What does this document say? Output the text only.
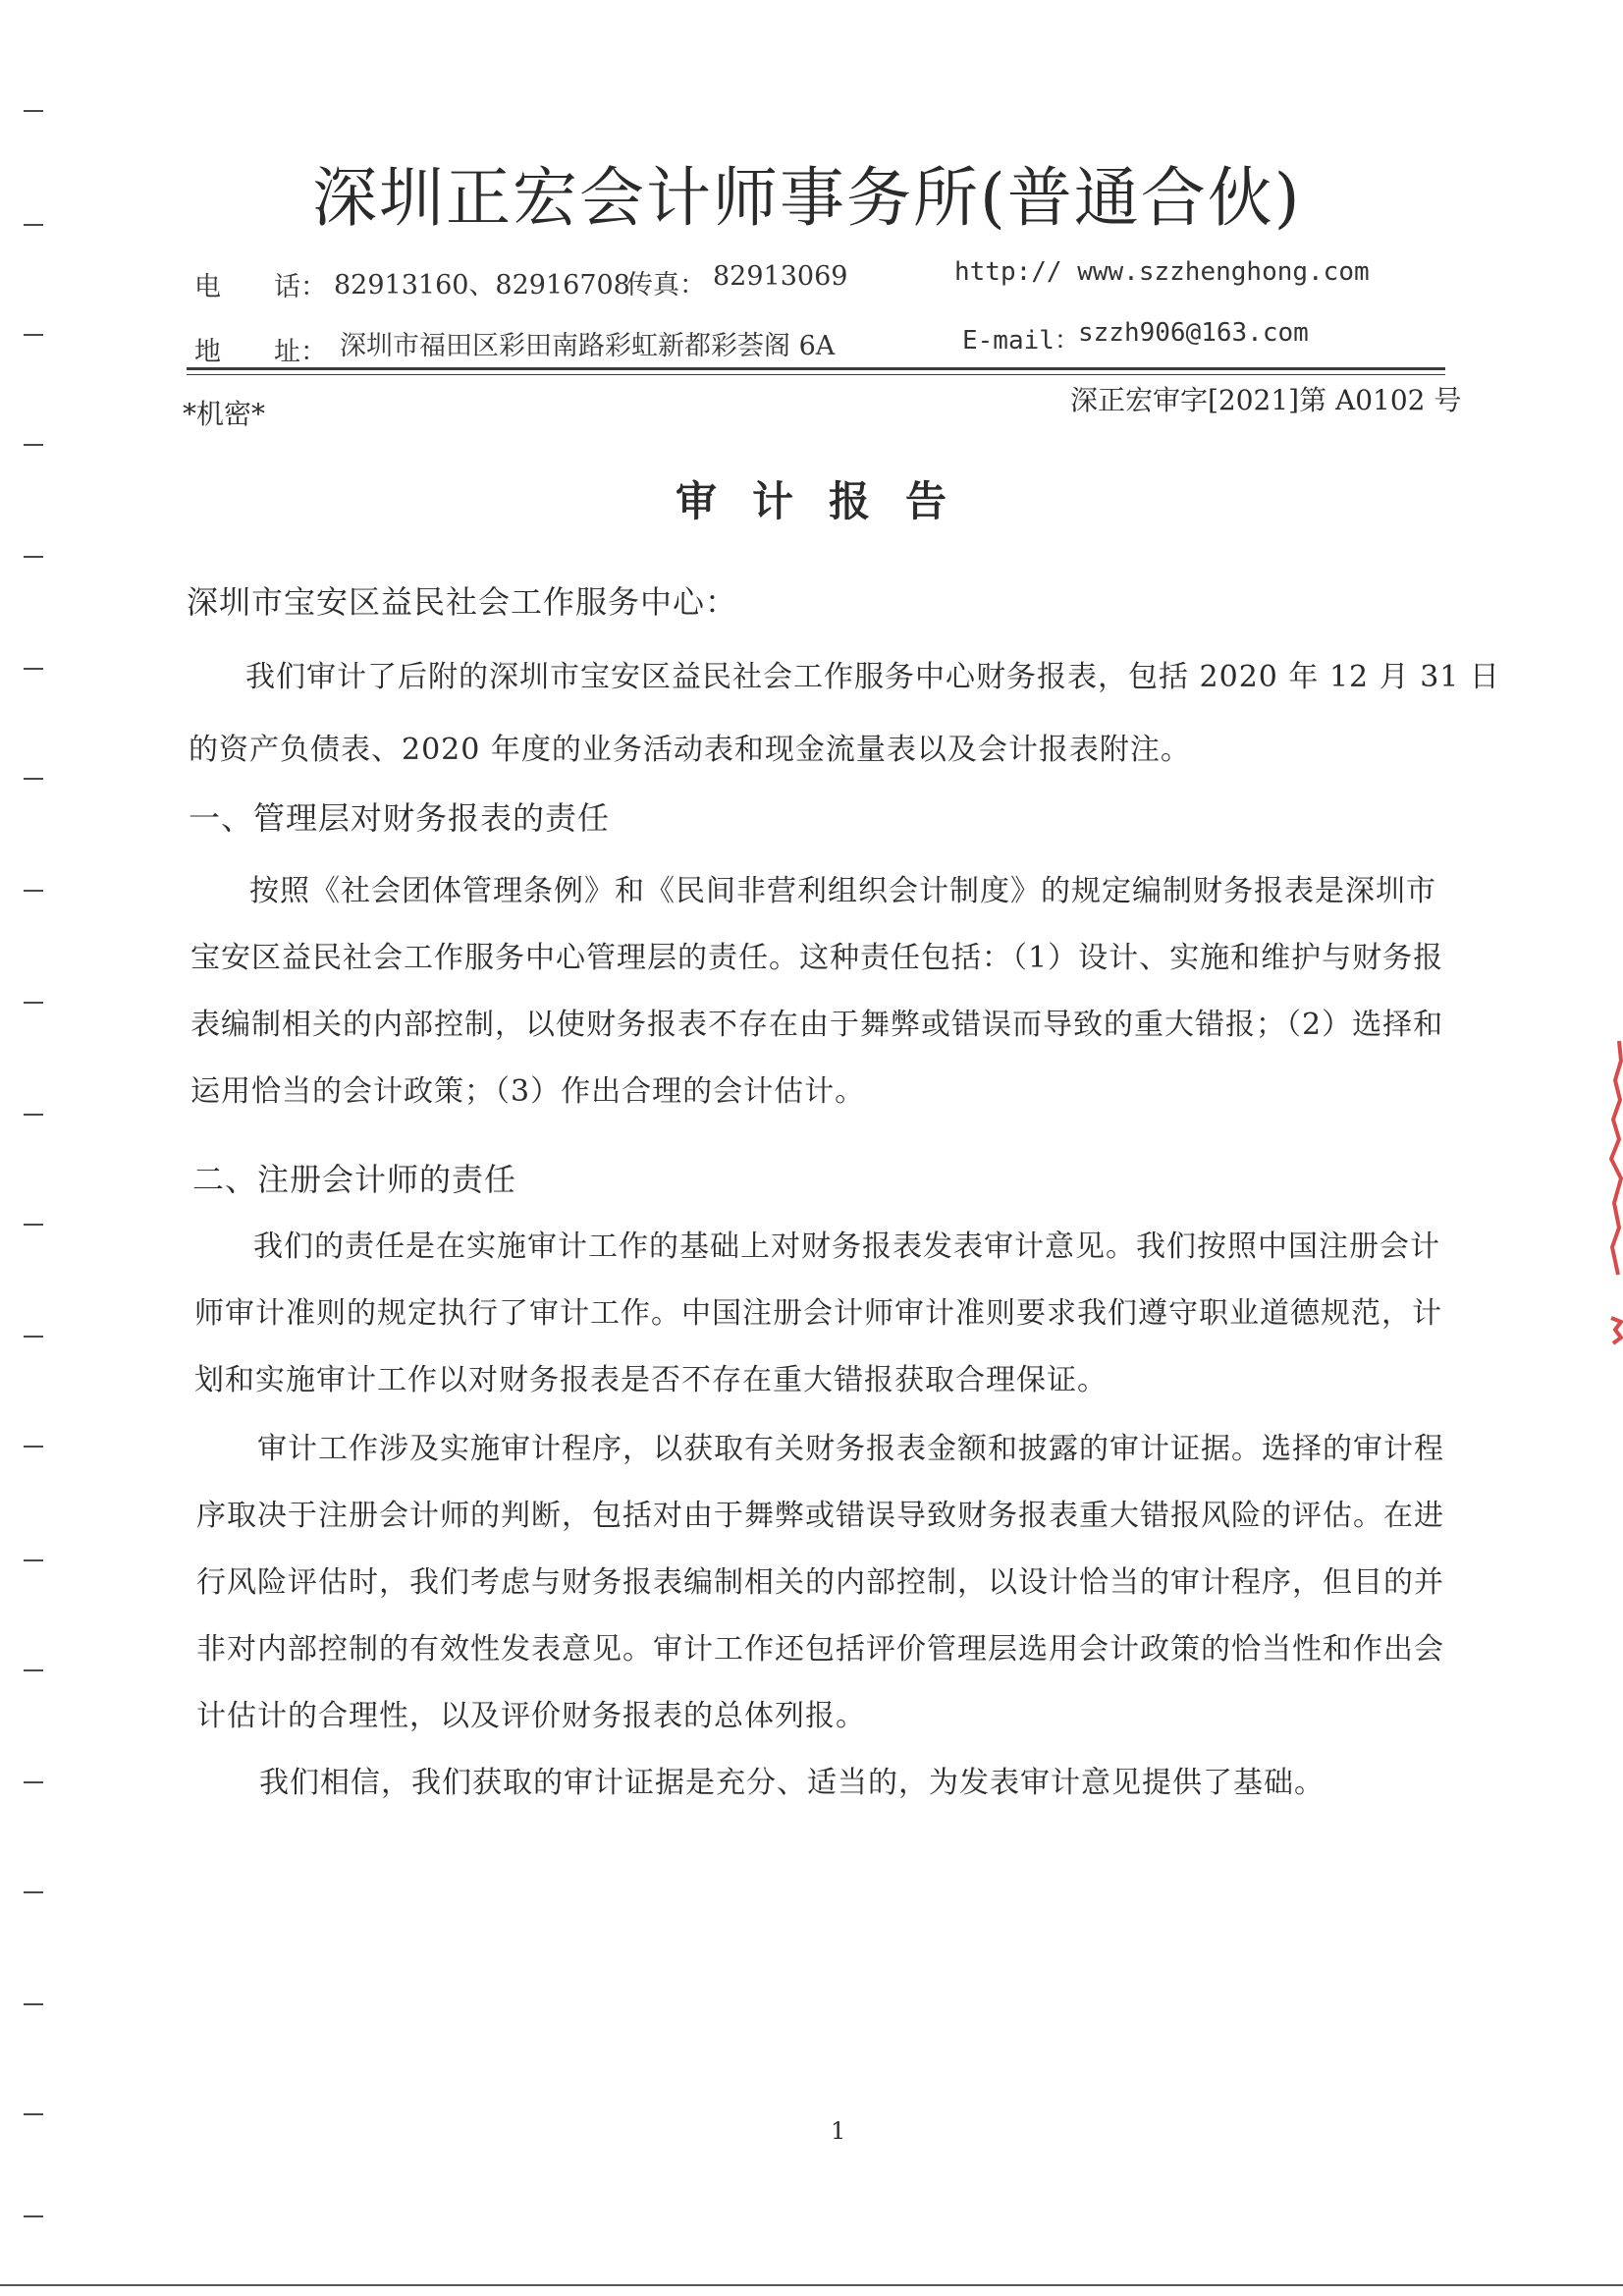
深圳正宏会计师事务所(普通合伙)
电　　话： 82913160、82916708
传真： 82913069	http:// www.szzhenghong.com
地　　址： 深圳市福田区彩田南路彩虹新都彩荟阁 6A	E-mail：
szzh906@163.com
*机密*	深正宏审字[2021]第 A0102 号
审计报告
深圳市宝安区益民社会工作服务中心：
我们审计了后附的深圳市宝安区益民社会工作服务中心财务报表，包括 2020 年 12 月 31 日
的资产负债表、2020 年度的业务活动表和现金流量表以及会计报表附注。
一、管理层对财务报表的责任
按照《社会团体管理条例》和《民间非营利组织会计制度》的规定编制财务报表是深圳市
宝安区益民社会工作服务中心管理层的责任。这种责任包括：（1）设计、实施和维护与财务报
表编制相关的内部控制，以使财务报表不存在由于舞弊或错误而导致的重大错报；（2）选择和
运用恰当的会计政策；（3）作出合理的会计估计。
二、注册会计师的责任
我们的责任是在实施审计工作的基础上对财务报表发表审计意见。我们按照中国注册会计
师审计准则的规定执行了审计工作。中国注册会计师审计准则要求我们遵守职业道德规范，计
划和实施审计工作以对财务报表是否不存在重大错报获取合理保证。
审计工作涉及实施审计程序，以获取有关财务报表金额和披露的审计证据。选择的审计程
序取决于注册会计师的判断，包括对由于舞弊或错误导致财务报表重大错报风险的评估。在进
行风险评估时，我们考虑与财务报表编制相关的内部控制，以设计恰当的审计程序，但目的并
非对内部控制的有效性发表意见。审计工作还包括评价管理层选用会计政策的恰当性和作出会
计估计的合理性，以及评价财务报表的总体列报。
我们相信，我们获取的审计证据是充分、适当的，为发表审计意见提供了基础。
1
